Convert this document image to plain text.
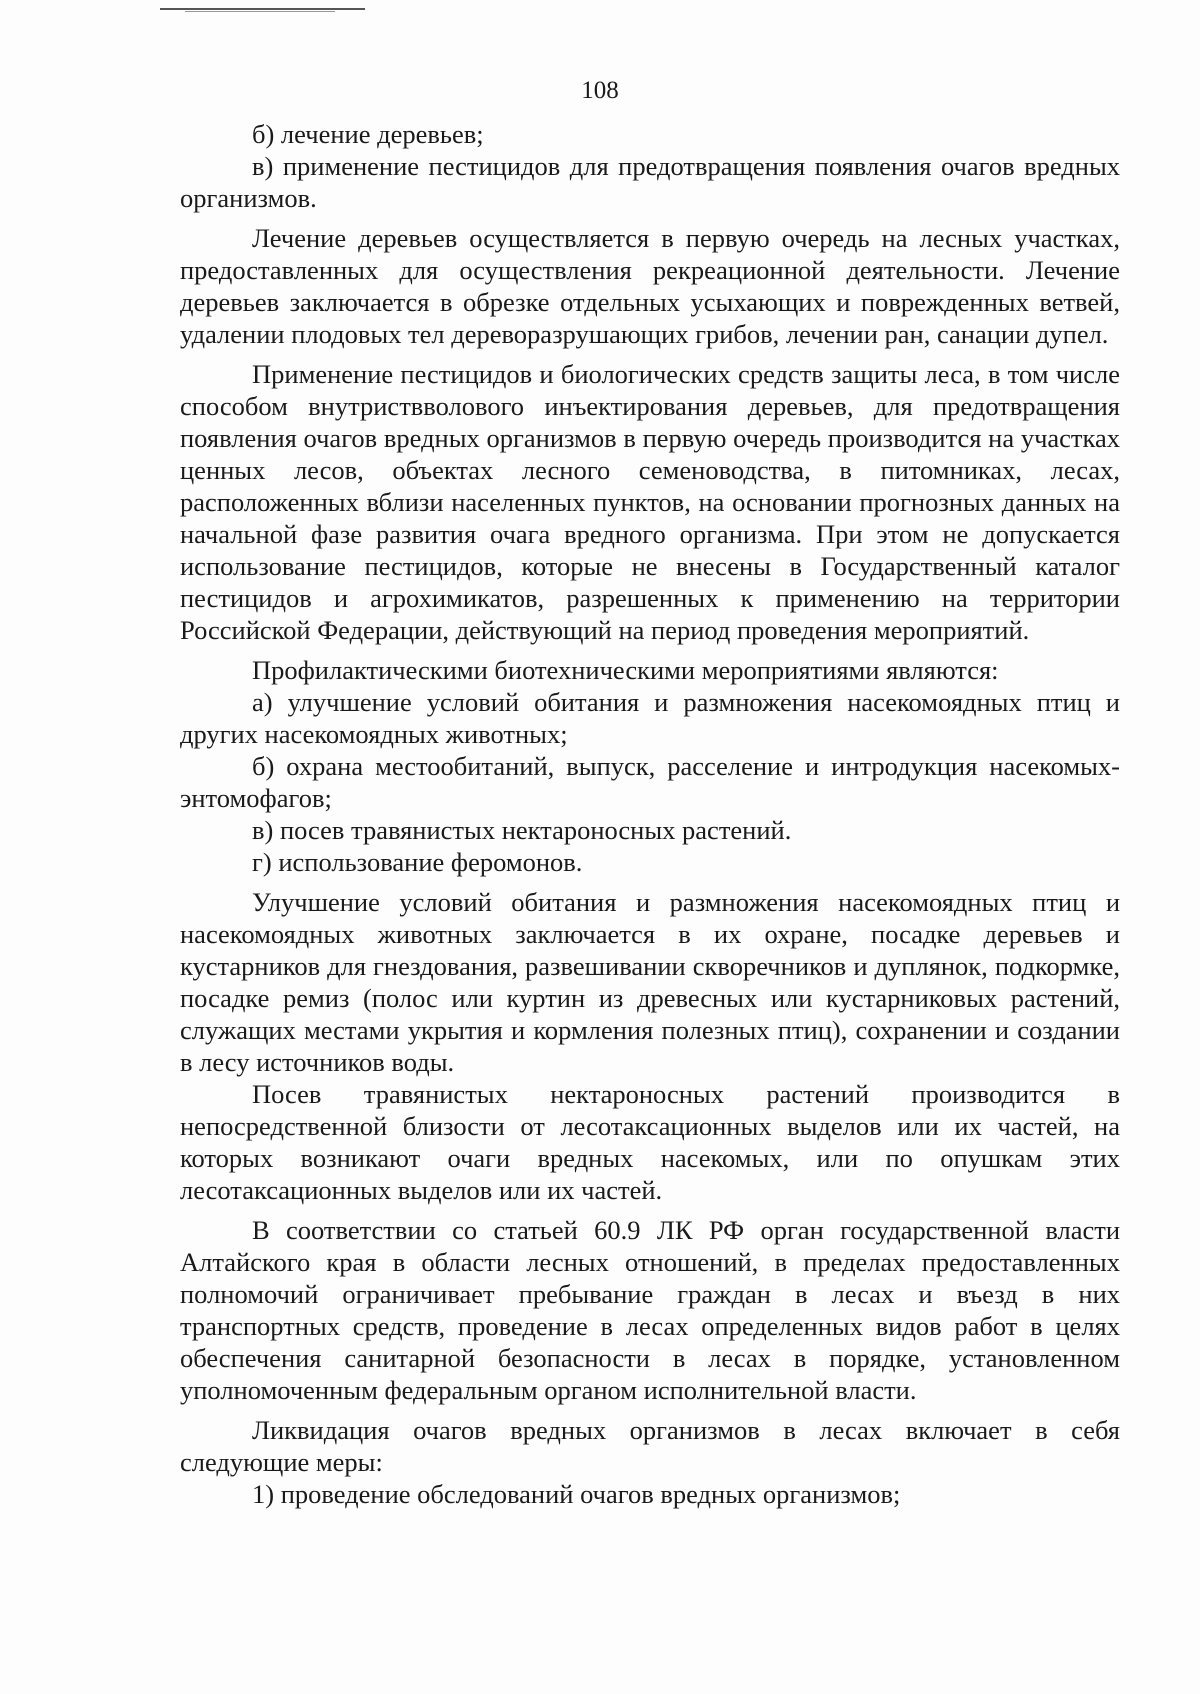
108

б) лечение деревьев;

в) применение пестицидов для предотвращения появления очагов вредных организмов.

Лечение деревьев осуществляется в первую очередь на лесных участках, предоставленных для осуществления рекреационной деятельности. Лечение деревьев заключается в обрезке отдельных усыхающих и поврежденных ветвей, удалении плодовых тел дереворазрушающих грибов, лечении ран, санации дупел.

Применение пестицидов и биологических средств защиты леса, в том числе способом внутриствволового инъектирования деревьев, для предотвращения появления очагов вредных организмов в первую очередь производится на участках ценных лесов, объектах лесного семеноводства, в питомниках, лесах, расположенных вблизи населенных пунктов, на основании прогнозных данных на начальной фазе развития очага вредного организма. При этом не допускается использование пестицидов, которые не внесены в Государственный каталог пестицидов и агрохимикатов, разрешенных к применению на территории Российской Федерации, действующий на период проведения мероприятий.

Профилактическими биотехническими мероприятиями являются:

а) улучшение условий обитания и размножения насекомоядных птиц и других насекомоядных животных;

б) охрана местообитаний, выпуск, расселение и интродукция насекомых-энтомофагов;

в) посев травянистых нектароносных растений.

г) использование феромонов.

Улучшение условий обитания и размножения насекомоядных птиц и насекомоядных животных заключается в их охране, посадке деревьев и кустарников для гнездования, развешивании скворечников и дуплянок, подкормке, посадке ремиз (полос или куртин из древесных или кустарниковых растений, служащих местами укрытия и кормления полезных птиц), сохранении и создании в лесу источников воды.

Посев травянистых нектароносных растений производится в непосредственной близости от лесотаксационных выделов или их частей, на которых возникают очаги вредных насекомых, или по опушкам этих лесотаксационных выделов или их частей.

В соответствии со статьей 60.9 ЛК РФ орган государственной власти Алтайского края в области лесных отношений, в пределах предоставленных полномочий ограничивает пребывание граждан в лесах и въезд в них транспортных средств, проведение в лесах определенных видов работ в целях обеспечения санитарной безопасности в лесах в порядке, установленном уполномоченным федеральным органом исполнительной власти.

Ликвидация очагов вредных организмов в лесах включает в себя следующие меры:

1) проведение обследований очагов вредных организмов;
